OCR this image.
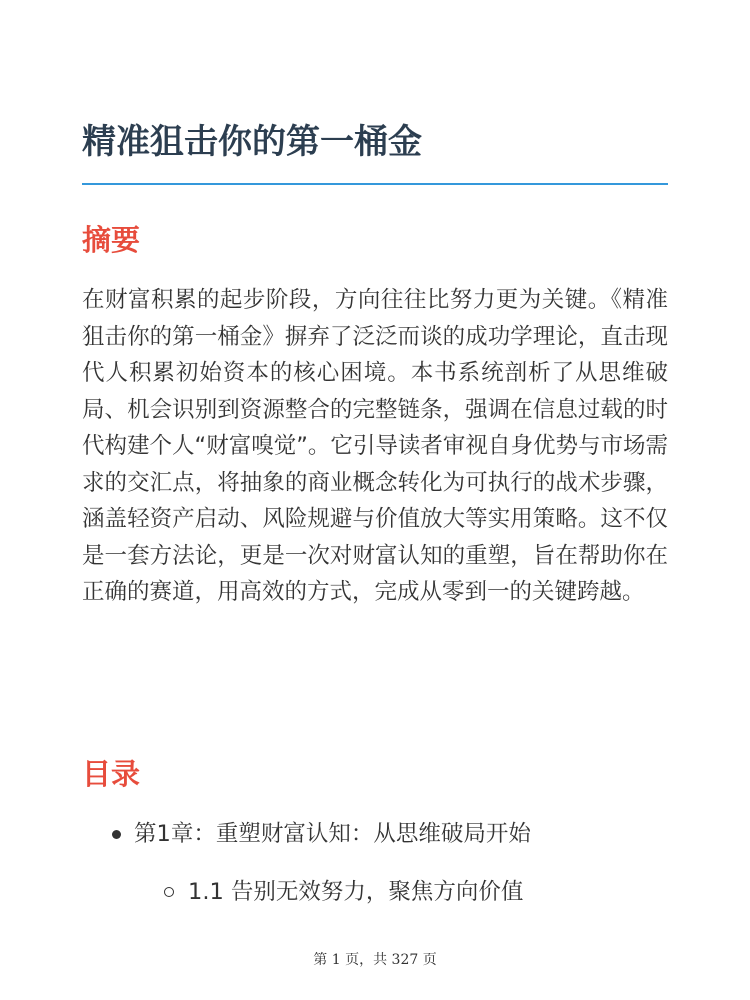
精准狙击你的第一桶金
摘要

在财富积累的起步阶段，方向往往比努力更为关键。《精准狙击你的第一桶金》摒弃了泛泛而谈的成功学理论，直击现代人积累初始资本的核心困境。本书系统剖析了从思维破局、机会识别到资源整合的完整链条，强调在信息过载的时代构建个人“财富嗅觉”。它引导读者审视自身优势与市场需求的交汇点，将抽象的商业概念转化为可执行的战术步骤，涵盖轻资产启动、风险规避与价值放大等实用策略。这不仅是一套方法论，更是一次对财富认知的重塑，旨在帮助你在正确的赛道，用高效的方式，完成从零到一的关键跨越。

目录
第1章：重塑财富认知：从思维破局开始
1.1 告别无效努力，聚焦方向价值
第 1 页，共 327 页
